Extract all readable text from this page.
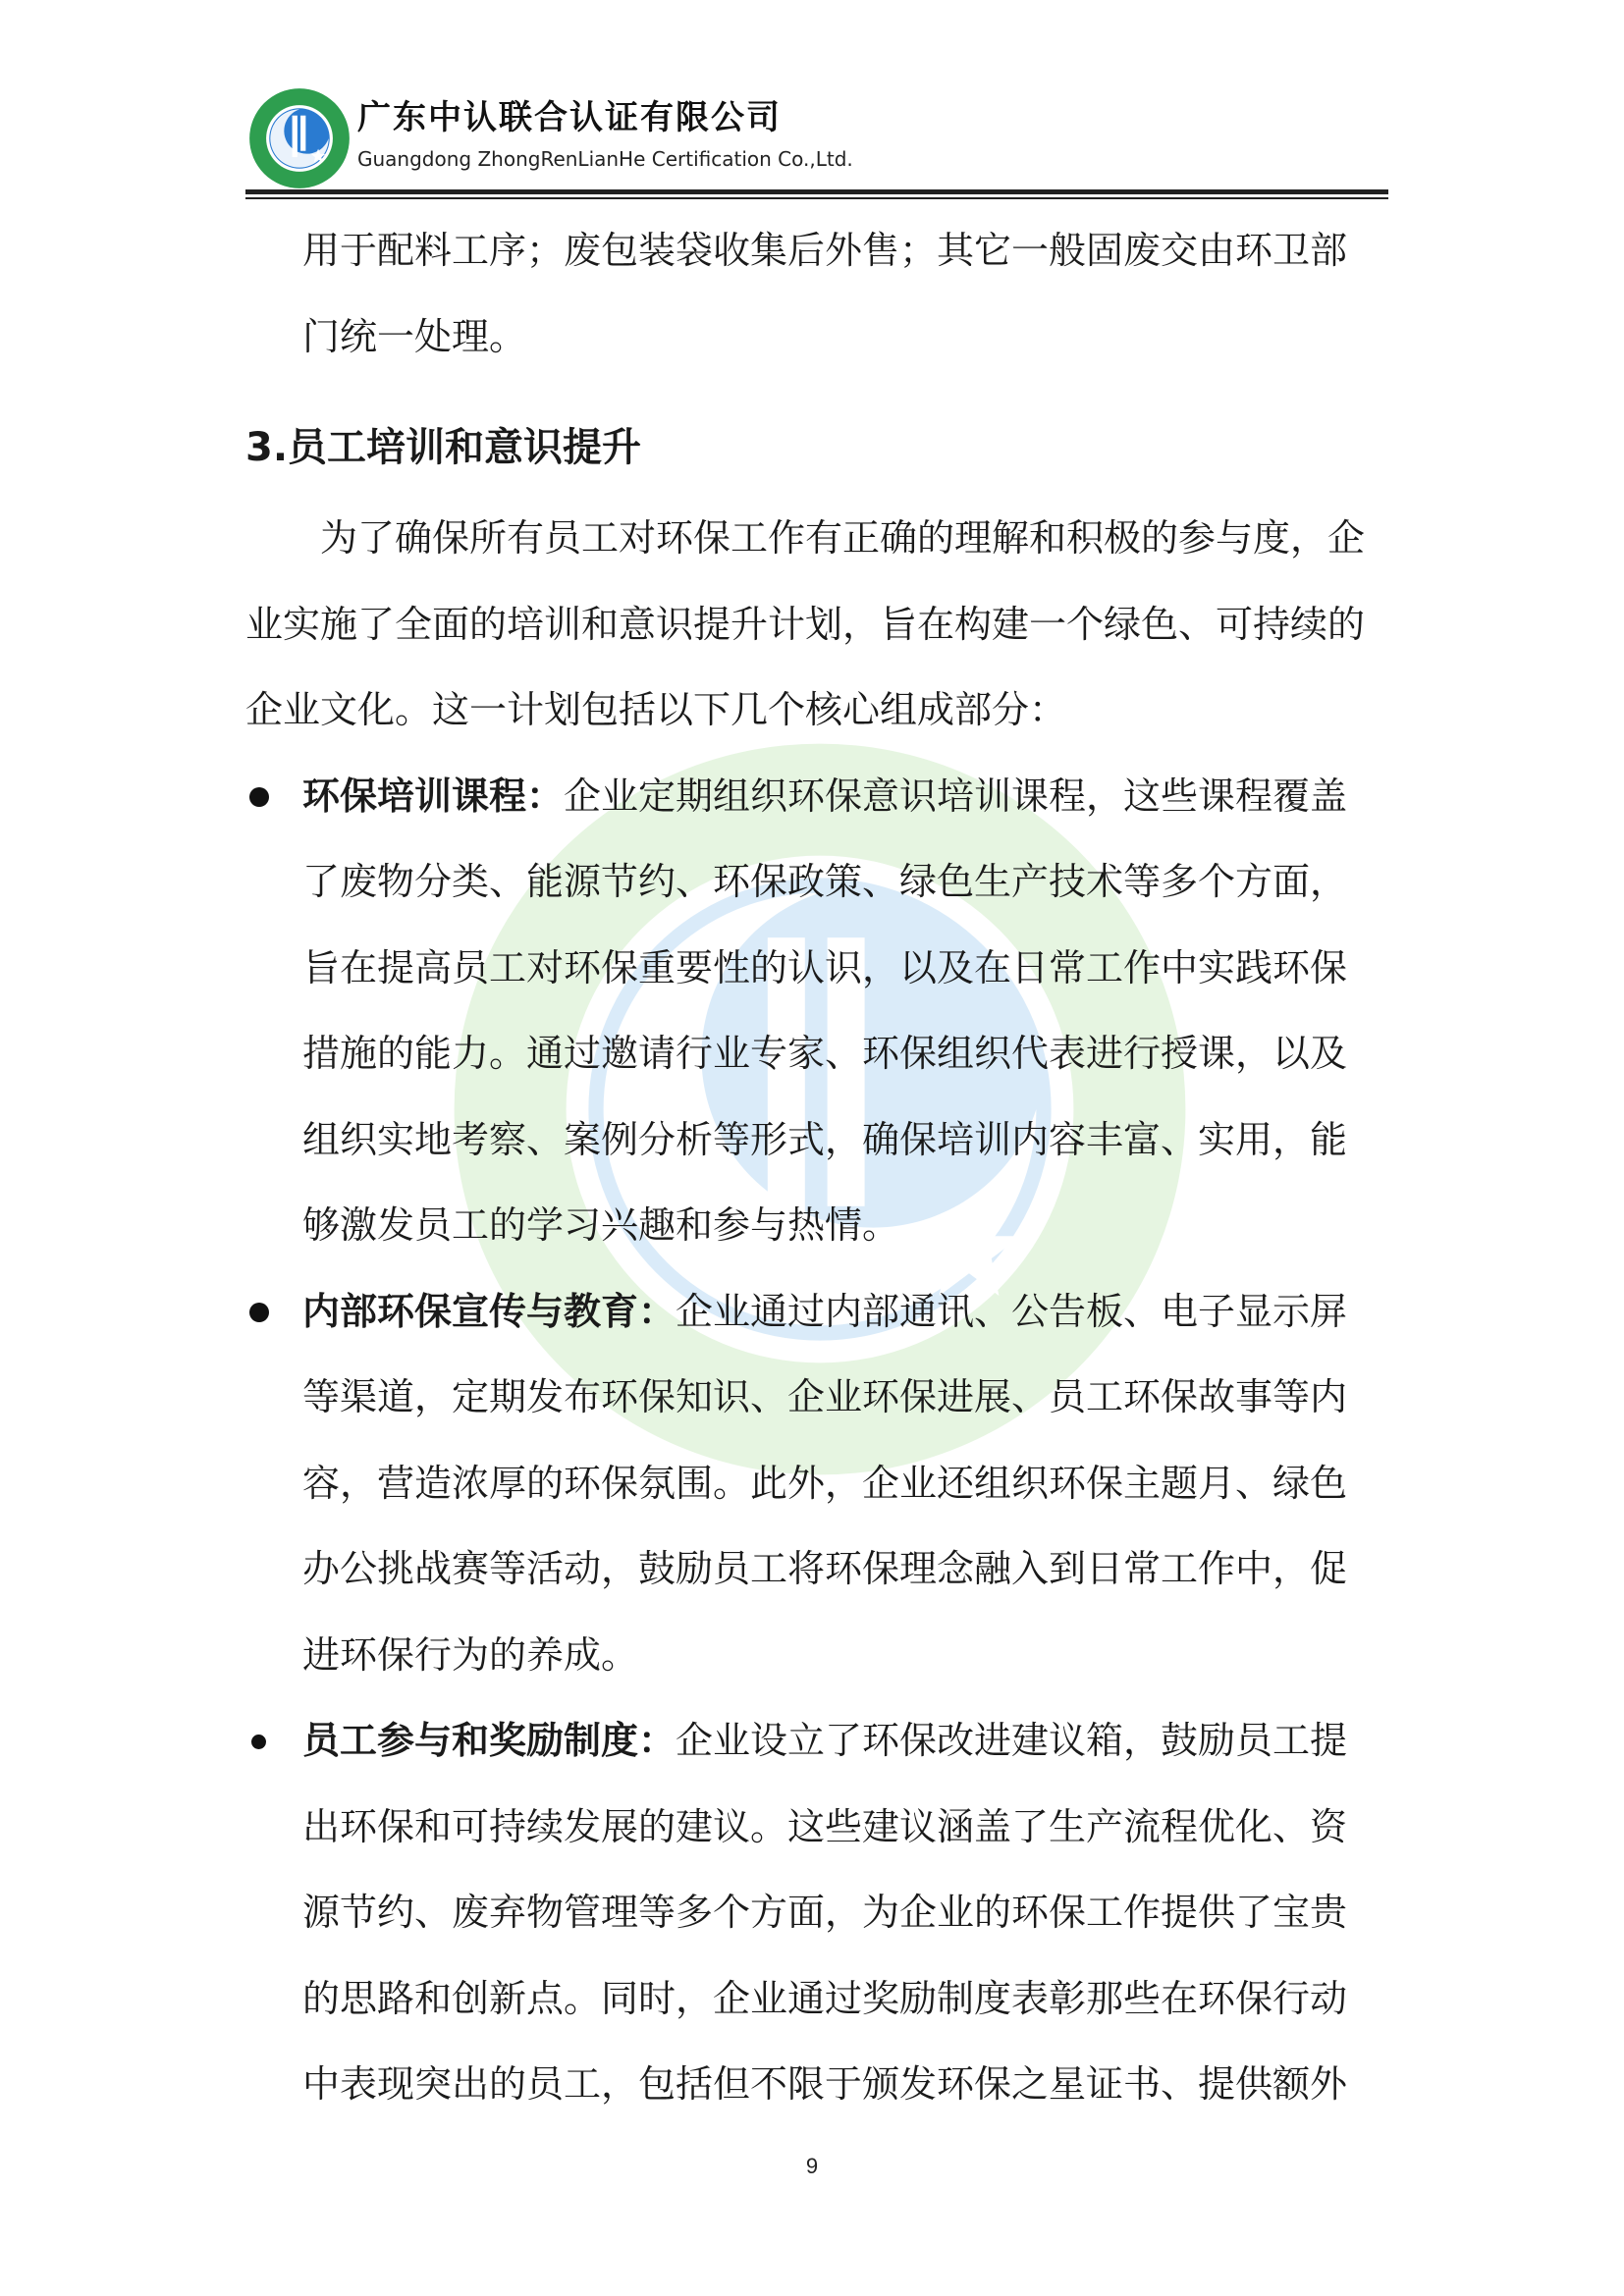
广东中认联合认证有限公司
Guangdong ZhongRenLianHe Certification Co.,Ltd.
用于配料工序；废包装袋收集后外售；其它一般固废交由环卫部
门统一处理。
3.员工培训和意识提升
为了确保所有员工对环保工作有正确的理解和积极的参与度，企
业实施了全面的培训和意识提升计划，旨在构建一个绿色、可持续的
企业文化。这一计划包括以下几个核心组成部分：
环保培训课程：企业定期组织环保意识培训课程，这些课程覆盖
了废物分类、能源节约、环保政策、绿色生产技术等多个方面，
旨在提高员工对环保重要性的认识，以及在日常工作中实践环保
措施的能力。通过邀请行业专家、环保组织代表进行授课，以及
组织实地考察、案例分析等形式，确保培训内容丰富、实用，能
够激发员工的学习兴趣和参与热情。
内部环保宣传与教育：企业通过内部通讯、公告板、电子显示屏
等渠道，定期发布环保知识、企业环保进展、员工环保故事等内
容，营造浓厚的环保氛围。此外，企业还组织环保主题月、绿色
办公挑战赛等活动，鼓励员工将环保理念融入到日常工作中，促
进环保行为的养成。
员工参与和奖励制度：企业设立了环保改进建议箱，鼓励员工提
出环保和可持续发展的建议。这些建议涵盖了生产流程优化、资
源节约、废弃物管理等多个方面，为企业的环保工作提供了宝贵
的思路和创新点。同时，企业通过奖励制度表彰那些在环保行动
中表现突出的员工，包括但不限于颁发环保之星证书、提供额外
9
